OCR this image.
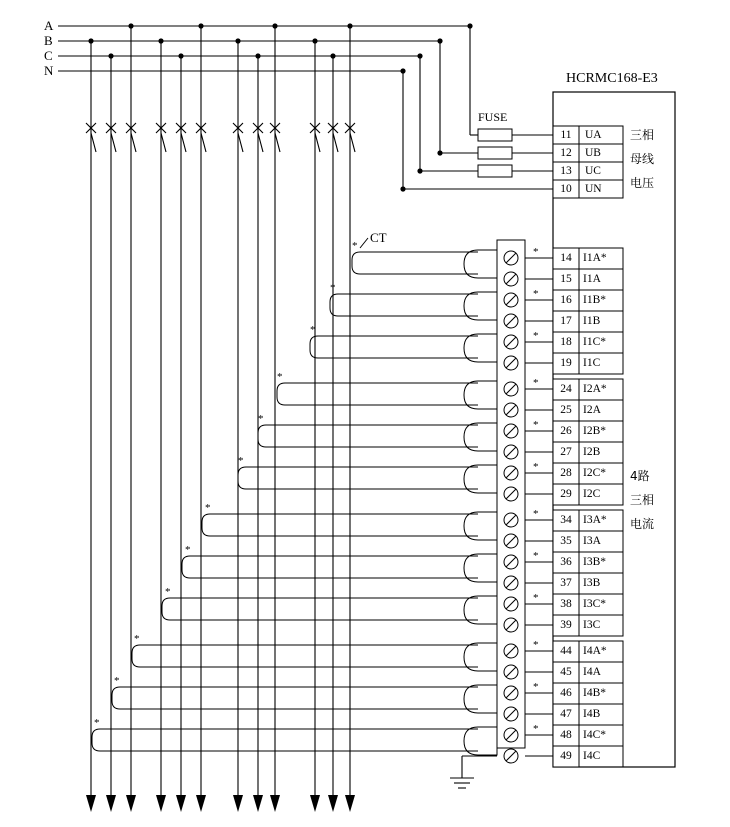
A
B
C
N
HCRMC168-E3
FUSE
CT
11	UA
12	UB
13	UC
10	UN
三相
母线
电压
4路
三相
电流
14 I1A*
15 I1A
16 I1B*
17 I1B
18 I1C*
19 I1C
24 I2A*
25 I2A
26 I2B*
27 I2B
28 I2C*
29 I2C
34 I3A*
35 I3A
36 I3B*
37 I3B
38 I3C*
39 I3C
44 I4A*
45 I4A
46 I4B*
47 I4B
48 I4C*
49 I4C
*
*
*
*
*
*
*
*
*
*
*
*
*
*
*
*
*
*
*
*
*
*
*
*
